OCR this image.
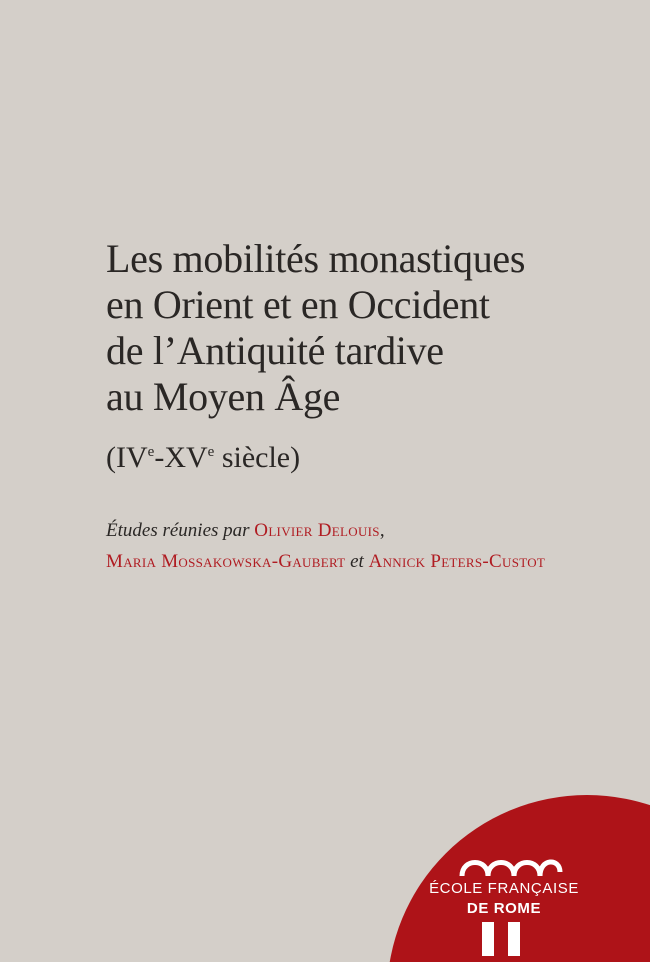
Les mobilités monastiques
en Orient et en Occident
de l’Antiquité tardive
au Moyen Âge
(IVe-XVe siècle)
Études réunies par Olivier Delouis,
Maria Mossakowska-Gaubert et Annick Peters-Custot
ÉCOLE FRANÇAISE
DE ROME
